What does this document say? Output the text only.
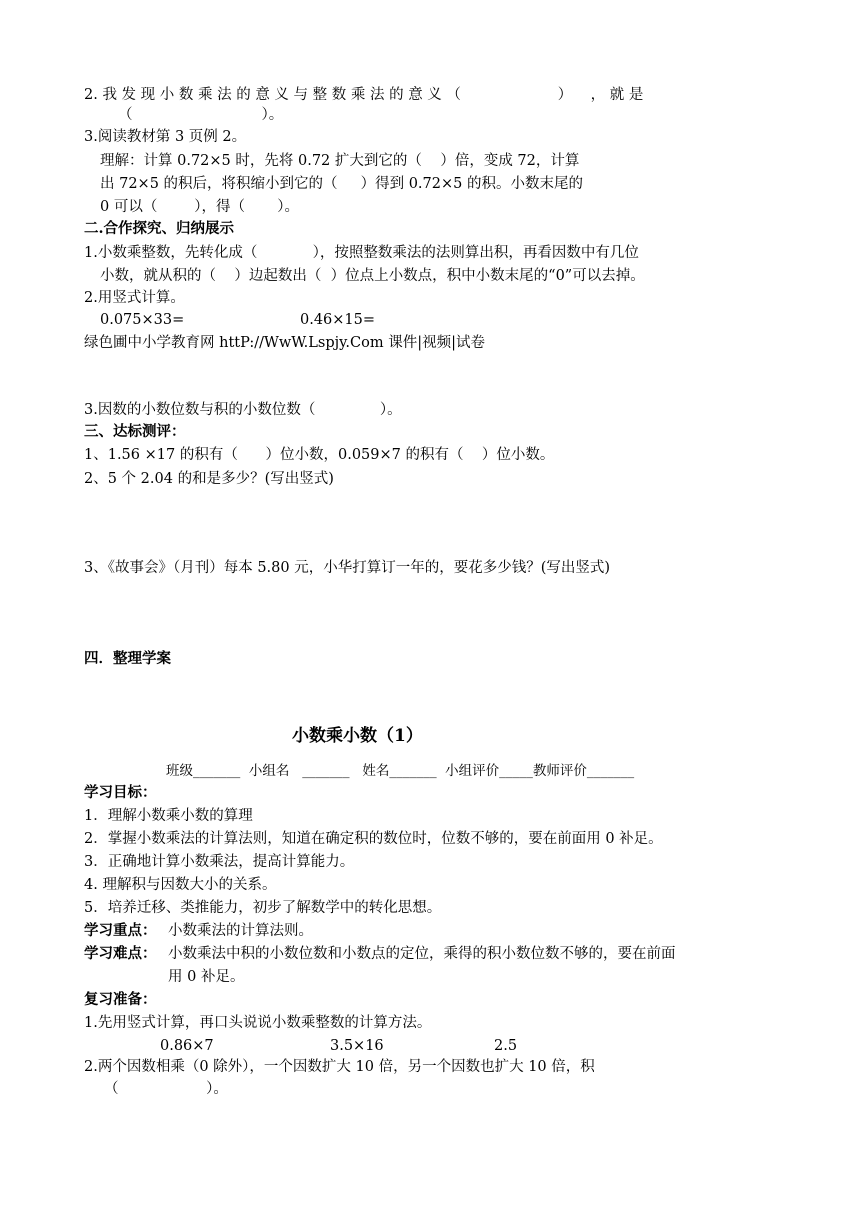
2. 我 发 现 小 数 乘 法 的 意 义 与 整 数 乘 法 的 意 义 （                     ）    ， 就 是
（                            ）。
3.阅读教材第 3 页例 2。
理解：计算 0.72×5 时，先将 0.72 扩大到它的（    ）倍，变成 72，计算
出 72×5 的积后，将积缩小到它的（     ）得到 0.72×5 的积。小数末尾的
0 可以（        ），得（       ）。
二.合作探究、归纳展示
1.小数乘整数，先转化成（            ），按照整数乘法的法则算出积，再看因数中有几位
小数，就从积的（    ）边起数出（  ）位点上小数点，积中小数末尾的“0”可以去掉。
2.用竖式计算。
0.075×33=	0.46×15=
绿色圃中小学教育网 httP://WwW.Lspjy.Com 课件|视频|试卷
3.因数的小数位数与积的小数位数（              ）。
三、达标测评：
1、1.56 ×17 的积有（      ）位小数，0.059×7 的积有（    ）位小数。
2、5 个 2.04 的和是多少？(写出竖式)
3、《故事会》（月刊）每本 5.80 元，小华打算订一年的，要花多少钱？(写出竖式)
四．整理学案
小数乘小数（1）
班级_______  小组名   _______   姓名_______  小组评价_____教师评价_______
学习目标：
1．理解小数乘小数的算理
2．掌握小数乘法的计算法则，知道在确定积的数位时，位数不够的，要在前面用 0 补足。
3．正确地计算小数乘法，提高计算能力。
4. 理解积与因数大小的关系。
5．培养迁移、类推能力，初步了解数学中的转化思想。
学习重点： 小数乘法的计算法则。
学习难点： 小数乘法中积的小数位数和小数点的定位，乘得的积小数位数不够的，要在前面
用 0 补足。
复习准备：
1.先用竖式计算，再口头说说小数乘整数的计算方法。
0.86×7	3.5×16	2.5
2.两个因数相乘（0 除外），一个因数扩大 10 倍，另一个因数也扩大 10 倍，积
（                   ）。
